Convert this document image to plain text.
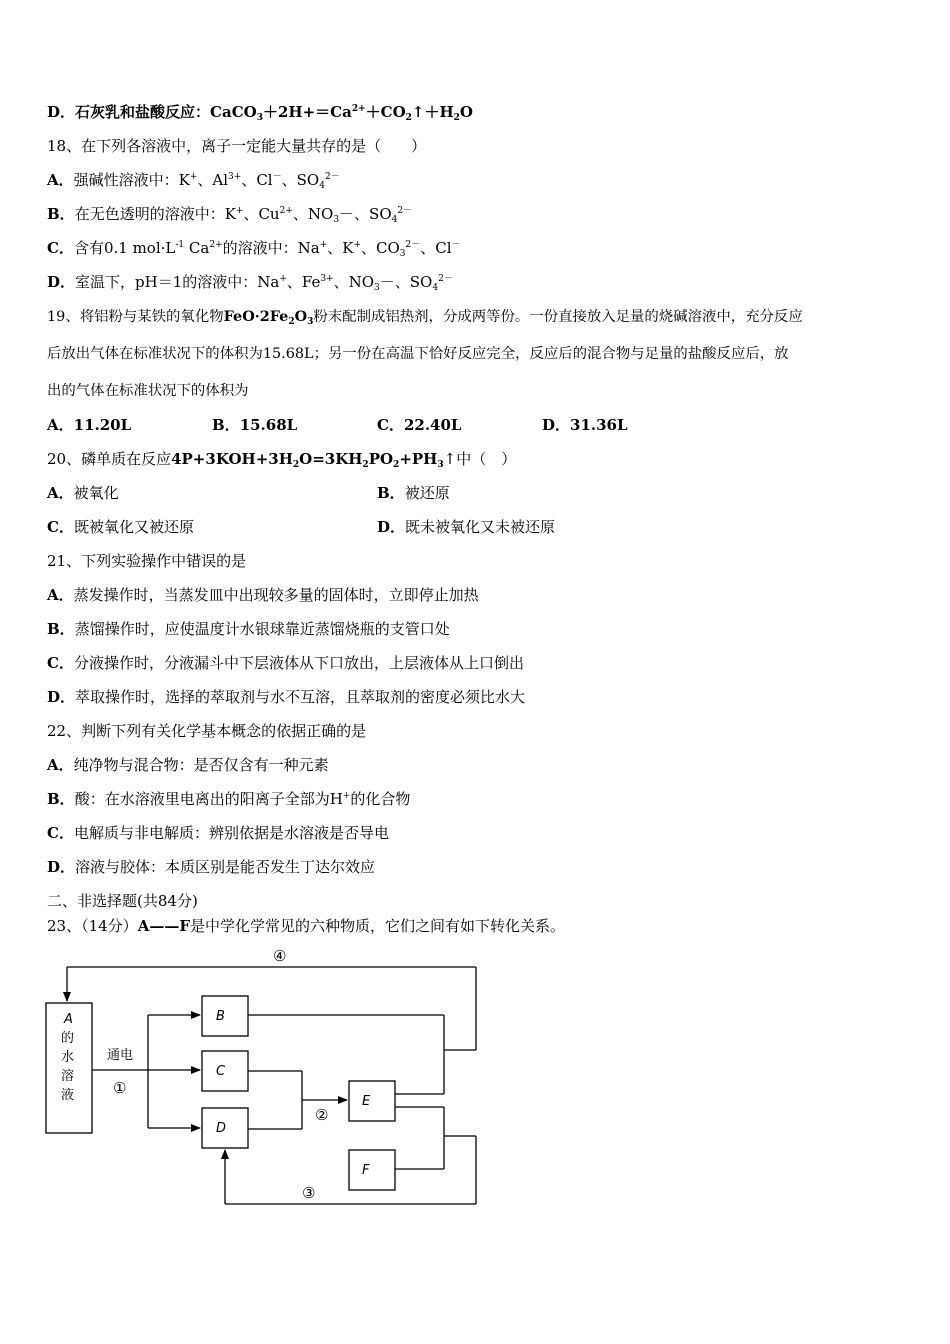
D．石灰乳和盐酸反应：$CaCO_3+2H+=Ca^{2+}+CO_2↑+H_2O$
18、在下列各溶液中，离子一定能大量共存的是（　　）
A．强碱性溶液中：K+、$Al^{3+}$、Cl－、$SO_4^{2-}$
B．在无色透明的溶液中：K+、$Cu^{2+}$、$NO_3-$、$SO_4^{2-}$
C．含有0.1 $mol\cdot L^{-1}$ $Ca^{2+}$的溶液中：Na+、K+、$CO_3^{2-}$、Cl－
D．室温下，pH＝1的溶液中：Na+、$Fe^{3+}$、$NO_3-$、$SO_4^{2-}$
19、将铝粉与某铁的氧化物$FeO\cdot 2Fe_2O_3$粉末配制成铝热剂，分成两等份。一份直接放入足量的烧碱溶液中，充分反应
后放出气体在标准状况下的体积为15.68L；另一份在高温下恰好反应完全，反应后的混合物与足量的盐酸反应后，放
出的气体在标准状况下的体积为
A．11.20L	B．15.68L	C．22.40L	D．31.36L
20、磷单质在反应$4P+3KOH+3H_2O=3KH_2PO_2+PH_3↑$中（　）
A．被氧化	B．被还原
C．既被氧化又被还原	D．既未被氧化又未被还原
21、下列实验操作中错误的是
A．蒸发操作时，当蒸发皿中出现较多量的固体时，立即停止加热
B．蒸馏操作时，应使温度计水银球靠近蒸馏烧瓶的支管口处
C．分液操作时，分液漏斗中下层液体从下口放出，上层液体从上口倒出
D．萃取操作时，选择的萃取剂与水不互溶，且萃取剂的密度必须比水大
22、判断下列有关化学基本概念的依据正确的是
A．纯净物与混合物：是否仅含有一种元素
B．酸：在水溶液里电离出的阳离子全部为H+的化合物
C．电解质与非电解质：辨别依据是水溶液是否导电
D．溶液与胶体：本质区别是能否发生丁达尔效应
二、非选择题(共84分)
23、（14分）A——F是中学化学常见的六种物质，它们之间有如下转化关系。
A
的
水
溶
液
B
C
D
E
F
通电
①
②
③
④
